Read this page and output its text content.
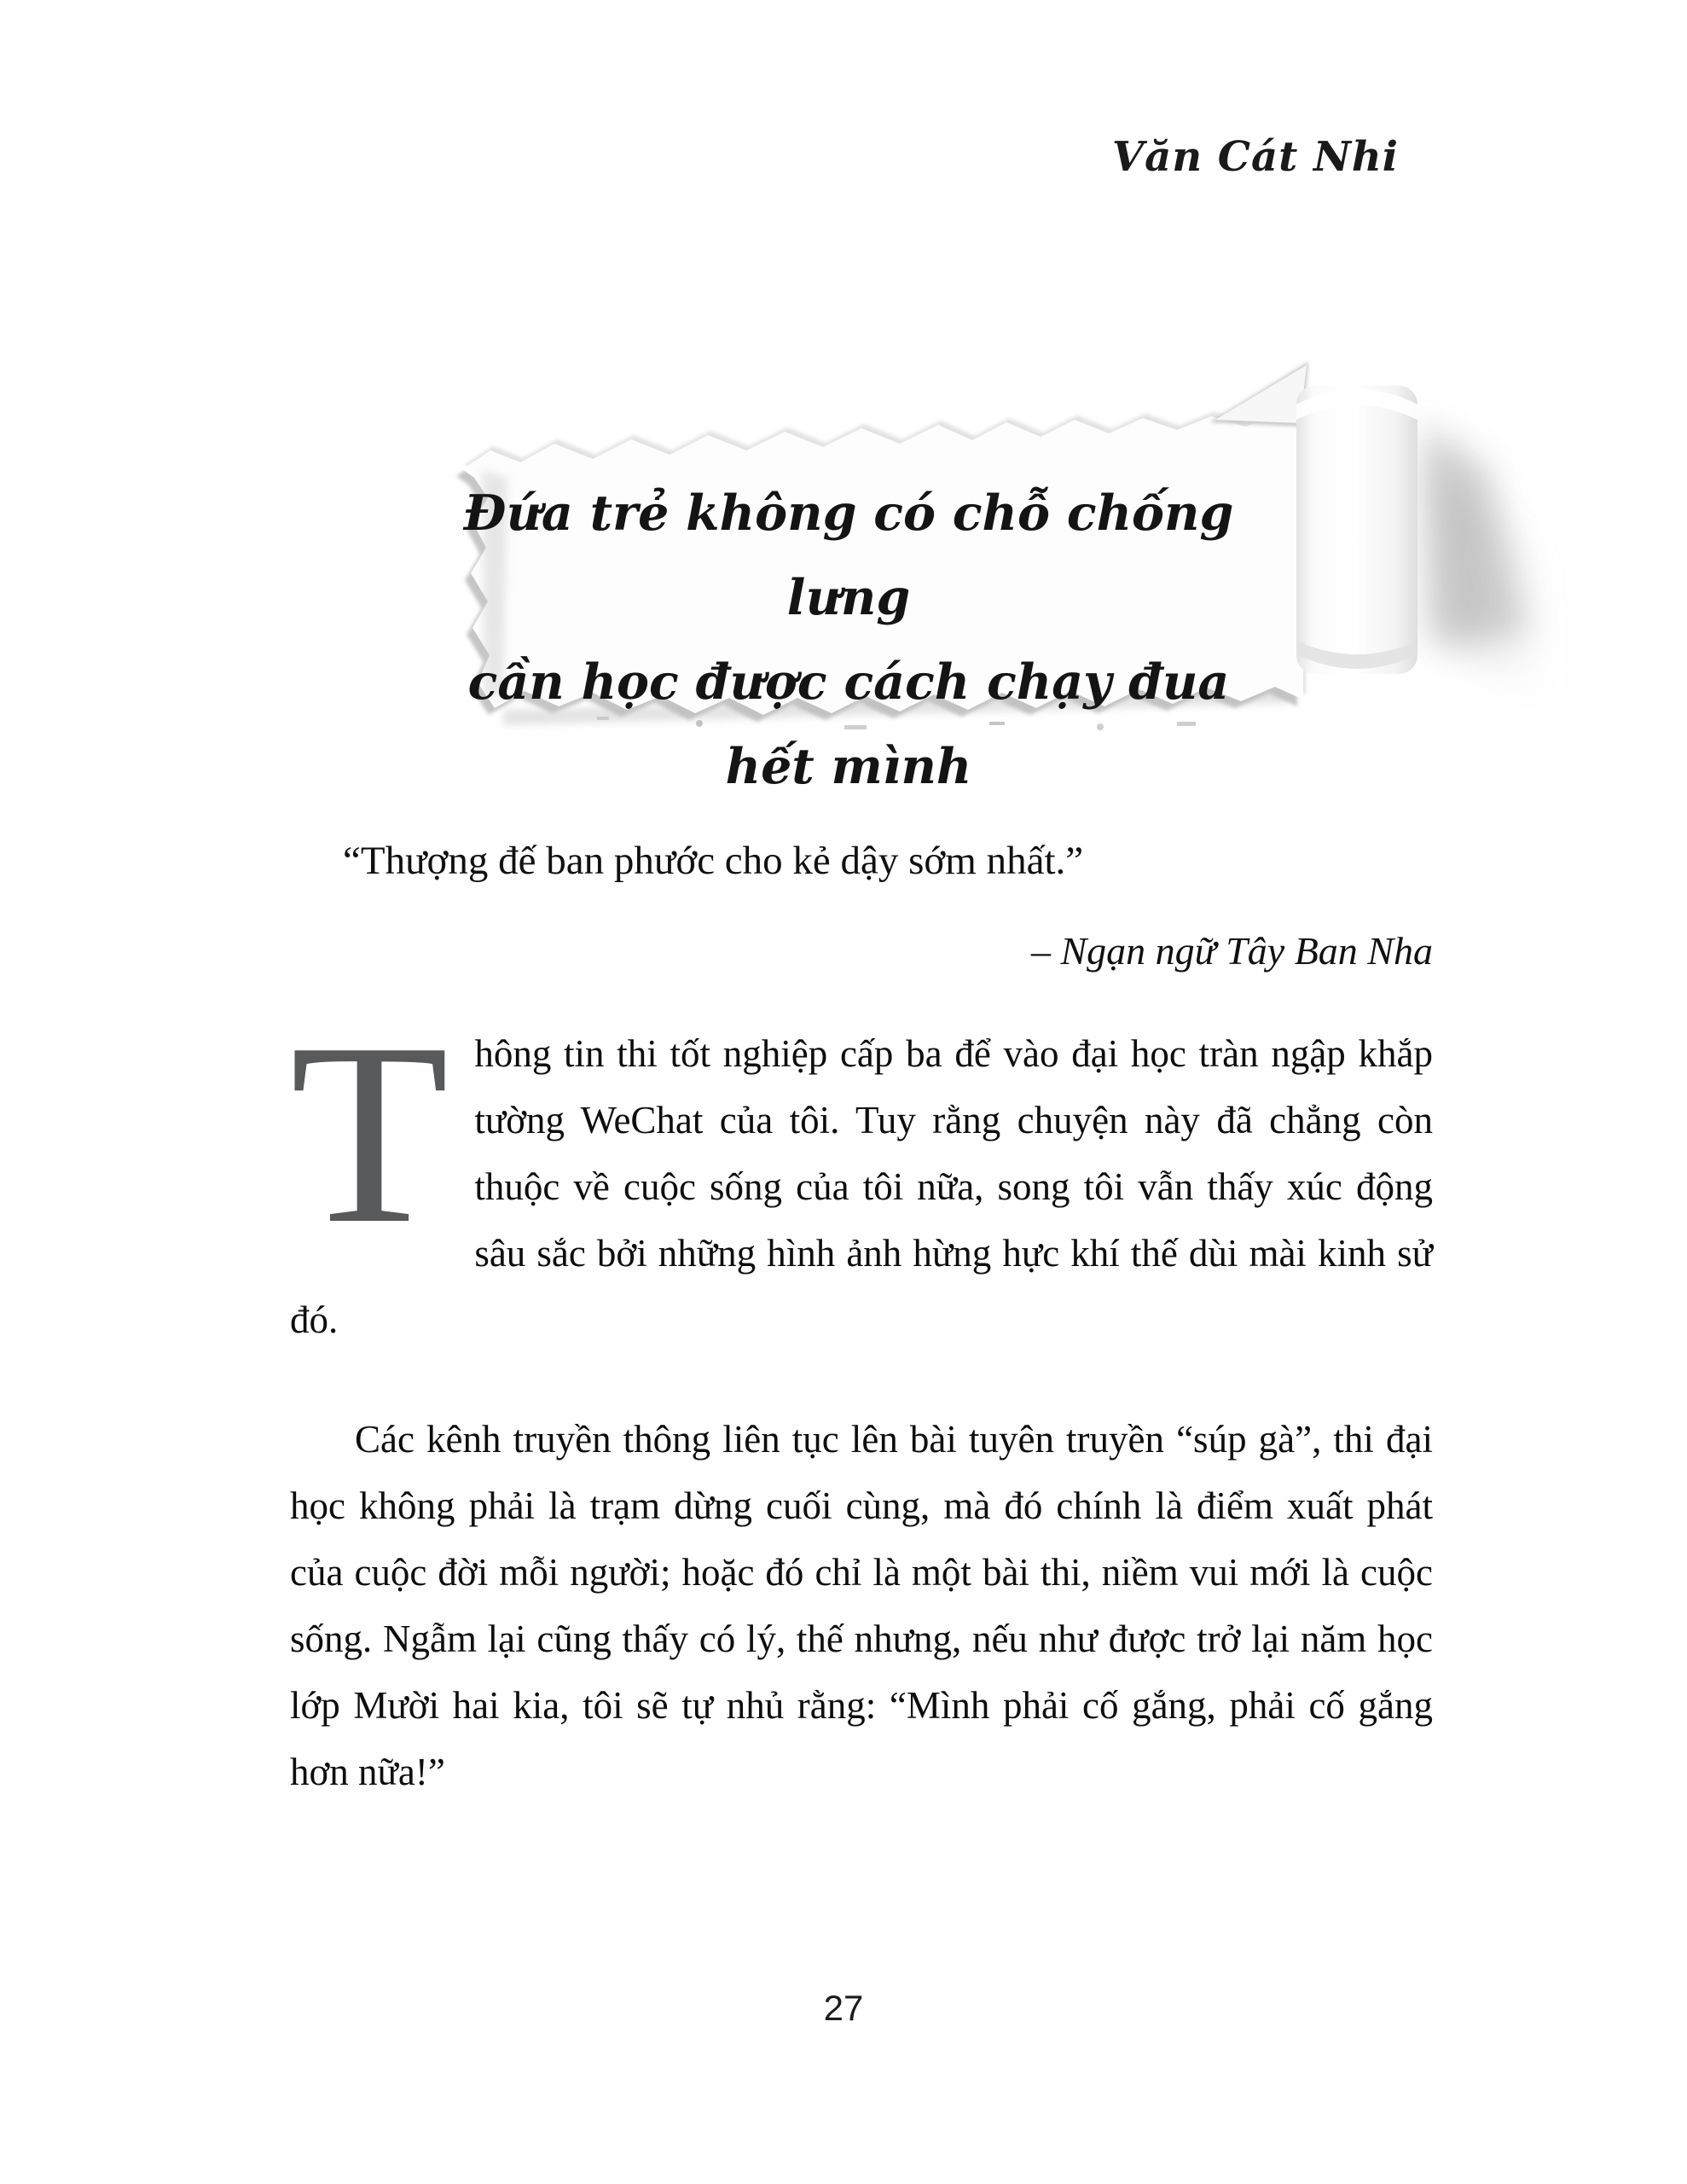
Văn Cát Nhi
Đứa trẻ không có chỗ chống lưng
cần học được cách chạy đua hết mình
“Thượng đế ban phước cho kẻ dậy sớm nhất.”
– Ngạn ngữ Tây Ban Nha
Thông tin thi tốt nghiệp cấp ba để vào đại học tràn ngập khắp tường WeChat của tôi. Tuy rằng chuyện này đã chẳng còn thuộc về cuộc sống của tôi nữa, song tôi vẫn thấy xúc động sâu sắc bởi những hình ảnh hừng hực khí thế dùi mài kinh sử đó.
Các kênh truyền thông liên tục lên bài tuyên truyền “súp gà”, thi đại học không phải là trạm dừng cuối cùng, mà đó chính là điểm xuất phát của cuộc đời mỗi người; hoặc đó chỉ là một bài thi, niềm vui mới là cuộc sống. Ngẫm lại cũng thấy có lý, thế nhưng, nếu như được trở lại năm học lớp Mười hai kia, tôi sẽ tự nhủ rằng: “Mình phải cố gắng, phải cố gắng hơn nữa!”
27
